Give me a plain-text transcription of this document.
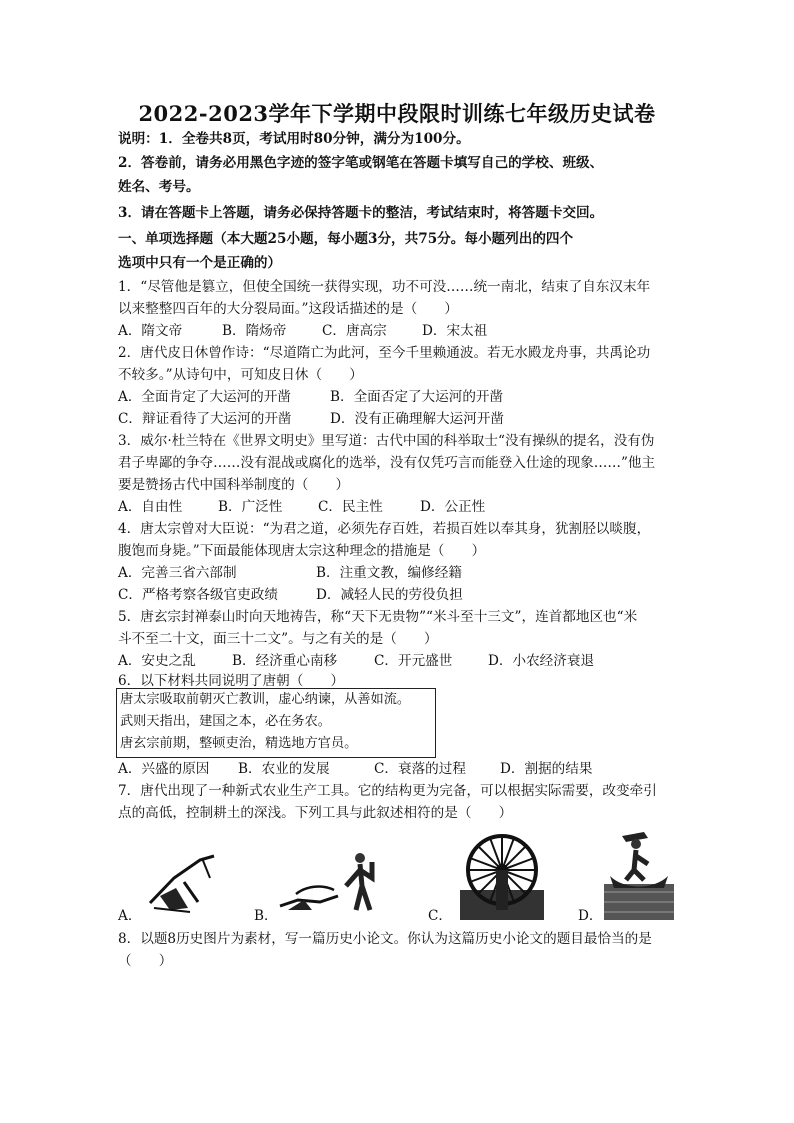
2022-2023学年下学期中段限时训练七年级历史试卷
说明：1．全卷共8页，考试用时80分钟，满分为100分。
2．答卷前，请务必用黑色字迹的签字笔或钢笔在答题卡填写自己的学校、班级、
姓名、考号。
3．请在答题卡上答题，请务必保持答题卡的整洁，考试结束时，将答题卡交回。
一、单项选择题（本大题25小题，每小题3分，共75分。每小题列出的四个
选项中只有一个是正确的）
1．“尽管他是篡立，但使全国统一获得实现，功不可没……统一南北，结束了自东汉末年
以来整整四百年的大分裂局面。”这段话描述的是（　　）
A．隋文帝	B．隋炀帝	C．唐高宗	D．宋太祖
2．唐代皮日休曾作诗：“尽道隋亡为此河，至今千里赖通波。若无水殿龙舟事，共禹论功
不较多。”从诗句中，可知皮日休（　　）
A．全面肯定了大运河的开凿	B．全面否定了大运河的开凿
C．辩证看待了大运河的开凿	D．没有正确理解大运河开凿
3．威尔·杜兰特在《世界文明史》里写道：古代中国的科举取士“没有操纵的提名，没有伪
君子卑鄙的争夺……没有混战或腐化的选举，没有仅凭巧言而能登入仕途的现象……”他主
要是赞扬古代中国科举制度的（　　）
A．自由性	B．广泛性	C．民主性	D．公正性
4．唐太宗曾对大臣说：“为君之道，必须先存百姓，若损百姓以奉其身，犹割胫以啖腹，
腹饱而身毙。”下面最能体现唐太宗这种理念的措施是（　　）
A．完善三省六部制	B．注重文教，编修经籍
C．严格考察各级官吏政绩	D．减轻人民的劳役负担
5．唐玄宗封禅泰山时向天地祷告，称“天下无贵物”“米斗至十三文”，连首都地区也“米
斗不至二十文，面三十二文”。与之有关的是（　　）
A．安史之乱	B．经济重心南移	C．开元盛世	D．小农经济衰退
6．以下材料共同说明了唐朝（　　）
唐太宗吸取前朝灭亡教训，虚心纳谏，从善如流。
武则天指出，建国之本，必在务农。
唐玄宗前期，整顿吏治，精选地方官员。
A．兴盛的原因 B．农业的发展	C．衰落的过程	D．割据的结果
7．唐代出现了一种新式农业生产工具。它的结构更为完备，可以根据实际需要，改变牵引
点的高低，控制耕土的深浅。下列工具与此叙述相符的是（　　）
A．	B．	C．	D．
8．以题8历史图片为素材，写一篇历史小论文。你认为这篇历史小论文的题目最恰当的是
（　　）
